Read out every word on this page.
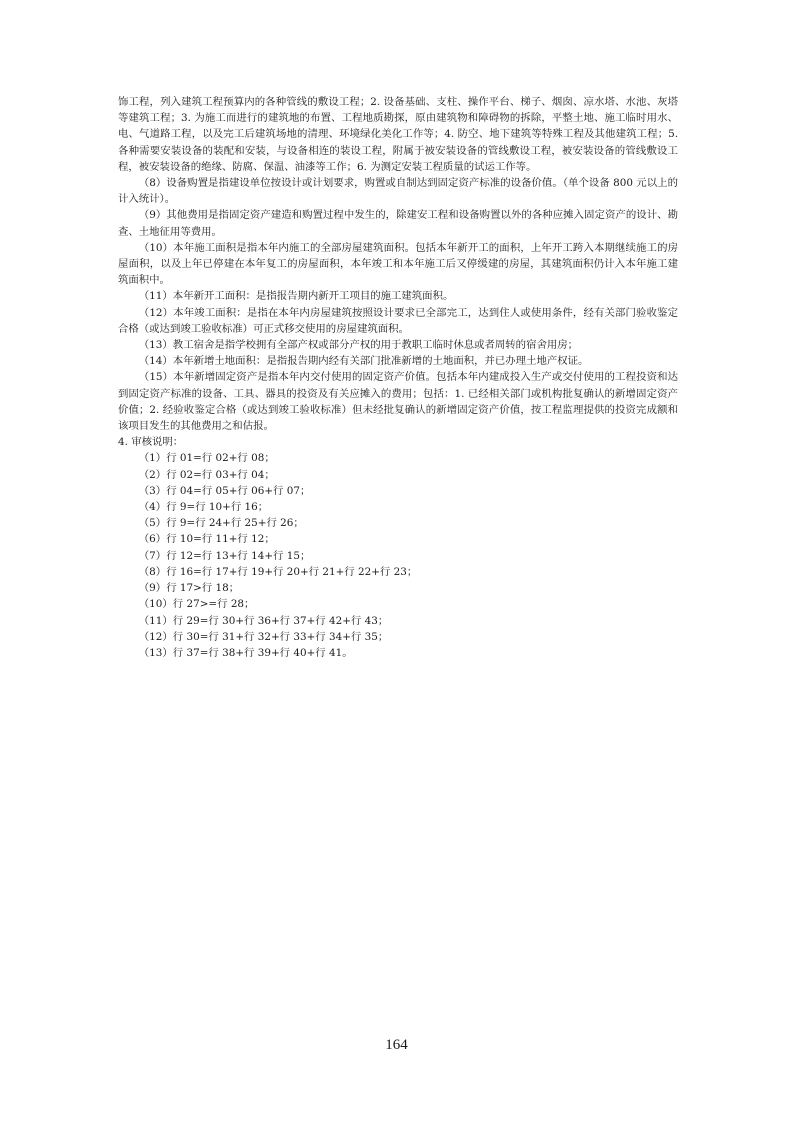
饰工程，列入建筑工程预算内的各种管线的敷设工程；2. 设备基础、支柱、操作平台、梯子、烟囱、凉水塔、水池、灰塔等建筑工程；3. 为施工而进行的建筑地的布置、工程地质勘探，原由建筑物和障碍物的拆除，平整土地、施工临时用水、电、气道路工程，以及完工后建筑场地的清理、环境绿化美化工作等；4. 防空、地下建筑等特殊工程及其他建筑工程；5. 各种需要安装设备的装配和安装，与设备相连的装设工程，附属于被安装设备的管线敷设工程，被安装设备的管线敷设工程，被安装设备的绝缘、防腐、保温、油漆等工作；6. 为测定安装工程质量的试运工作等。

（8）设备购置是指建设单位按设计或计划要求，购置或自制达到固定资产标准的设备价值。（单个设备 800 元以上的计入统计）。

（9）其他费用是指固定资产建造和购置过程中发生的，除建安工程和设备购置以外的各种应摊入固定资产的设计、勘查、土地征用等费用。

（10）本年施工面积是指本年内施工的全部房屋建筑面积。包括本年新开工的面积，上年开工跨入本期继续施工的房屋面积，以及上年已停建在本年复工的房屋面积，本年竣工和本年施工后又停缓建的房屋，其建筑面积仍计入本年施工建筑面积中。

（11）本年新开工面积：是指报告期内新开工项目的施工建筑面积。

（12）本年竣工面积：是指在本年内房屋建筑按照设计要求已全部完工，达到住人或使用条件，经有关部门验收鉴定合格（或达到竣工验收标准）可正式移交使用的房屋建筑面积。

（13）教工宿舍是指学校拥有全部产权或部分产权的用于教职工临时休息或者周转的宿舍用房；

（14）本年新增土地面积：是指报告期内经有关部门批准新增的土地面积，并已办理土地产权证。

（15）本年新增固定资产是指本年内交付使用的固定资产价值。包括本年内建成投入生产或交付使用的工程投资和达到固定资产标准的设备、工具、器具的投资及有关应摊入的费用；包括：1. 已经相关部门或机构批复确认的新增固定资产价值；2. 经验收鉴定合格（或达到竣工验收标准）但未经批复确认的新增固定资产价值，按工程监理提供的投资完成额和该项目发生的其他费用之和估报。

4. 审核说明：

（1）行 01=行 02+行 08；
（2）行 02=行 03+行 04；
（3）行 04=行 05+行 06+行 07；
（4）行 9=行 10+行 16；
（5）行 9=行 24+行 25+行 26；
（6）行 10=行 11+行 12；
（7）行 12=行 13+行 14+行 15；
（8）行 16=行 17+行 19+行 20+行 21+行 22+行 23；
（9）行 17>行 18；
（10）行 27>=行 28；
（11）行 29=行 30+行 36+行 37+行 42+行 43；
（12）行 30=行 31+行 32+行 33+行 34+行 35；
（13）行 37=行 38+行 39+行 40+行 41。
164
